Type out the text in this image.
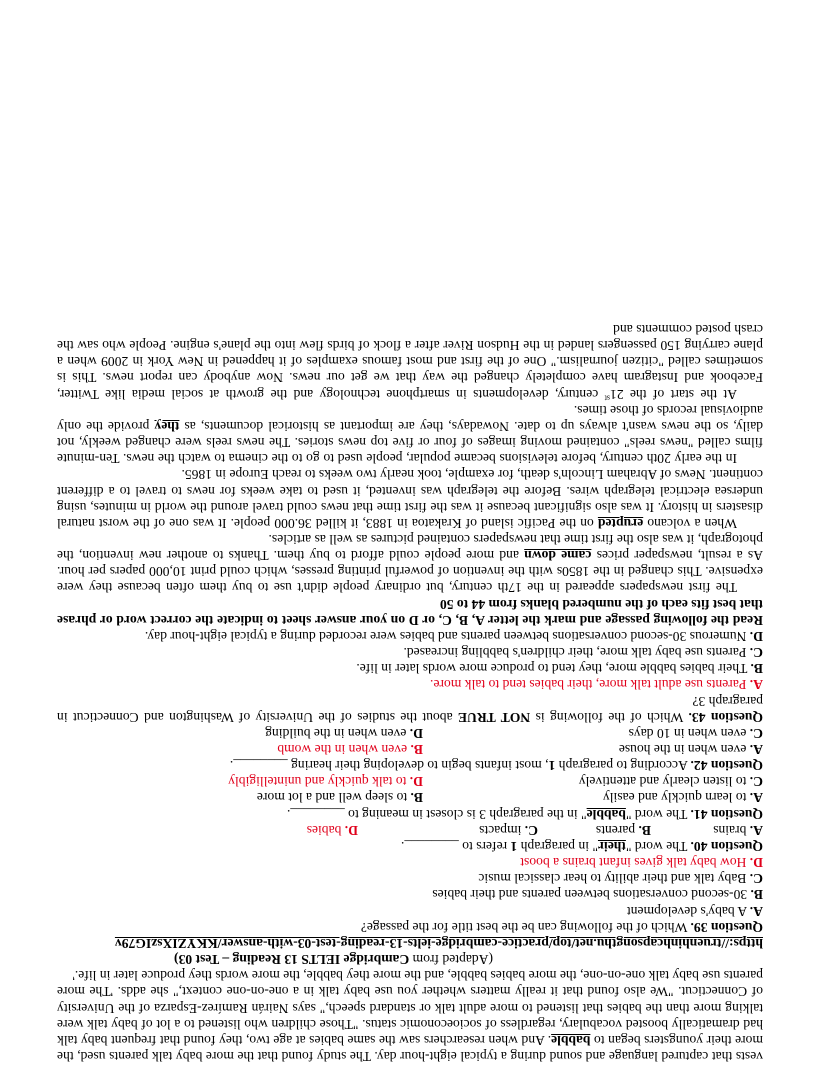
vests that captured language and sound during a typical eight-hour day. The study found that the more baby talk parents used, the more their youngsters began to babble. And when researchers saw the same babies at age two, they found that frequent baby talk had dramatically boosted vocabulary, regardless of socioeconomic status. "Those children who listened to a lot of baby talk were talking more than the babies that listened to more adult talk or standard speech," says Nairán Ramírez-Esparza of the University of Connecticut. "We also found that it really matters whether you use baby talk in a one-on-one context," she adds. 'The more parents use baby talk one-on-one, the more babies babble, and the more they babble, the more words they produce later in life.'

(Adapted from Cambridge IELTS 13 Reading – Test 03)

https://truenhinhcapsongthu.net/top/practice-cambridge-ielts-13-reading-test-03-with-answer/KKYZIXszIG79v

Question 39. Which of the following can be the best title for the passage?

A. A baby's development

B. 30-second conversations between parents and their babies

C. Baby talk and their ability to hear classical music

D. How baby talk gives infant brains a boost

Question 40. The word "their" in paragraph 1 refers to ________.

A. brains
B. parents
C. impacts
D. babies

Question 41. The word "babble" in the paragraph 3 is closest in meaning to ________.

A. to learn quickly and easily
B. to sleep well and a lot more
C. to listen clearly and attentively
D. to talk quickly and unintelligibly

Question 42. According to paragraph 1, most infants begin to developing their hearing ________.

A. even when in the house
B. even when in the womb
C. even when in 10 days
D. even when in the building

Question 43. Which of the following is NOT TRUE about the studies of the University of Washington and Connecticut in paragraph 3?

A. Parents use adult talk more, their babies tend to talk more.

B. Their babies babble more, they tend to produce more words later in life.

C. Parents use baby talk more, their children's babbling increased.

D. Numerous 30-second conversations between parents and babies were recorded during a typical eight-hour day.

Read the following passage and mark the letter A, B, C, or D on your answer sheet to indicate the correct word or phrase that best fits each of the numbered blanks from 44 to 50

The first newspapers appeared in the 17th century, but ordinary people didn't use to buy them often because they were expensive. This changed in the 1850s with the invention of powerful printing presses, which could print 10,000 papers per hour. As a result, newspaper prices came down and more people could afford to buy them. Thanks to another new invention, the photograph, it was also the first time that newspapers contained pictures as well as articles.

When a volcano erupted on the Pacific island of Krakatoa in 1883, it killed 36.000 people. It was one of the worst natural disasters in history. It was also significant because it was the first time that news could travel around the world in minutes, using undersea electrical telegraph wires. Before the telegraph was invented, it used to take weeks for news to travel to a different continent. News of Abraham Lincoln's death, for example, took nearly two weeks to reach Europe in 1865.

In the early 20th century, before televisions became popular, people used to go to the cinema to watch the news. Ten-minute films called "news reels" contained moving images of four or five top news stories. The news reels were changed weekly, not daily, so the news wasn't always up to date. Nowadays, they are important as historical documents, as they provide the only audiovisual records of those times.

At the start of the 21st century, developments in smartphone technology and the growth at social media like Twitter, Facebook and Instagram have completely changed the way that we get our news. Now anybody can report news. This is sometimes called "citizen journalism." One of the first and most famous examples of it happened in New York in 2009 when a plane carrying 150 passengers landed in the Hudson River after a flock of birds flew into the plane's engine. People who saw the crash posted comments and
